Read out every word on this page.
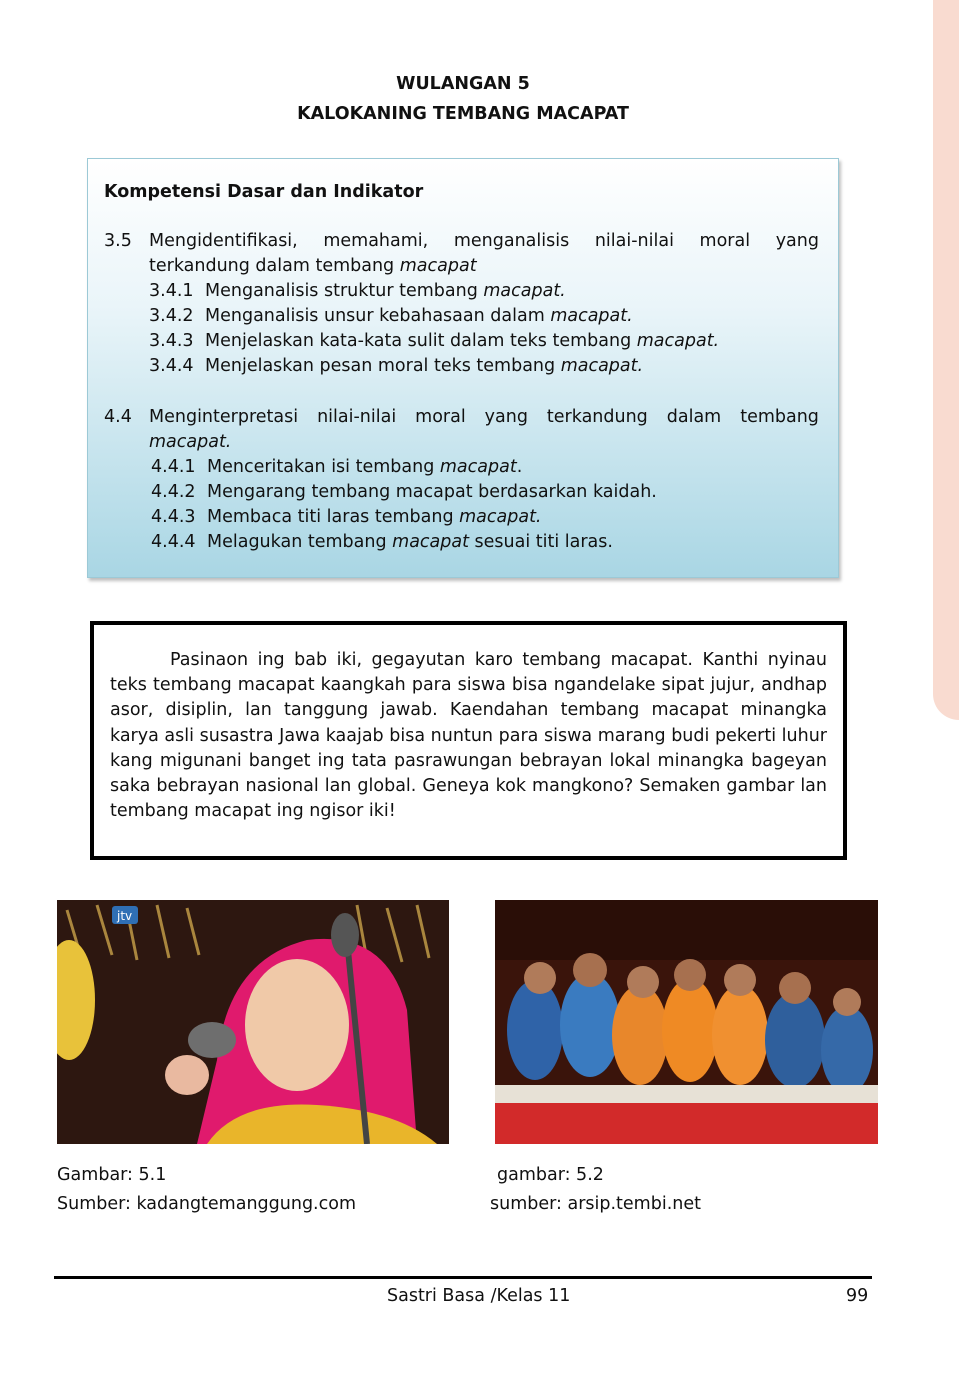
WULANGAN 5
KALOKANING TEMBANG MACAPAT
Kompetensi Dasar dan Indikator
3.5 Mengidentifikasi, memahami, menganalisis nilai-nilai moral yang
terkandung dalam tembang macapat
3.4.1 Menganalisis struktur tembang macapat.
3.4.2 Menganalisis unsur kebahasaan dalam macapat.
3.4.3 Menjelaskan kata-kata sulit dalam teks tembang macapat.
3.4.4 Menjelaskan pesan moral teks tembang macapat.
4.4 Menginterpretasi nilai-nilai moral yang terkandung dalam tembang
macapat.
4.4.1 Menceritakan isi tembang macapat.
4.4.2 Mengarang tembang macapat berdasarkan kaidah.
4.4.3 Membaca titi laras tembang macapat.
4.4.4 Melagukan tembang macapat sesuai titi laras.
Pasinaon ing bab iki, gegayutan karo tembang macapat. Kanthi nyinau teks tembang macapat kaangkah para siswa bisa ngandelake sipat jujur, andhap asor, disiplin, lan tanggung jawab. Kaendahan tembang macapat minangka karya asli susastra Jawa kaajab bisa nuntun para siswa marang budi pekerti luhur kang migunani banget ing tata pasrawungan bebrayan lokal minangka bageyan saka bebrayan nasional lan global. Geneya kok mangkono? Semaken gambar lan tembang macapat ing ngisor iki!
jtv
Gambar: 5.1
Sumber: kadangtemanggung.com
gambar: 5.2
sumber: arsip.tembi.net
Sastri Basa /Kelas 11	99
